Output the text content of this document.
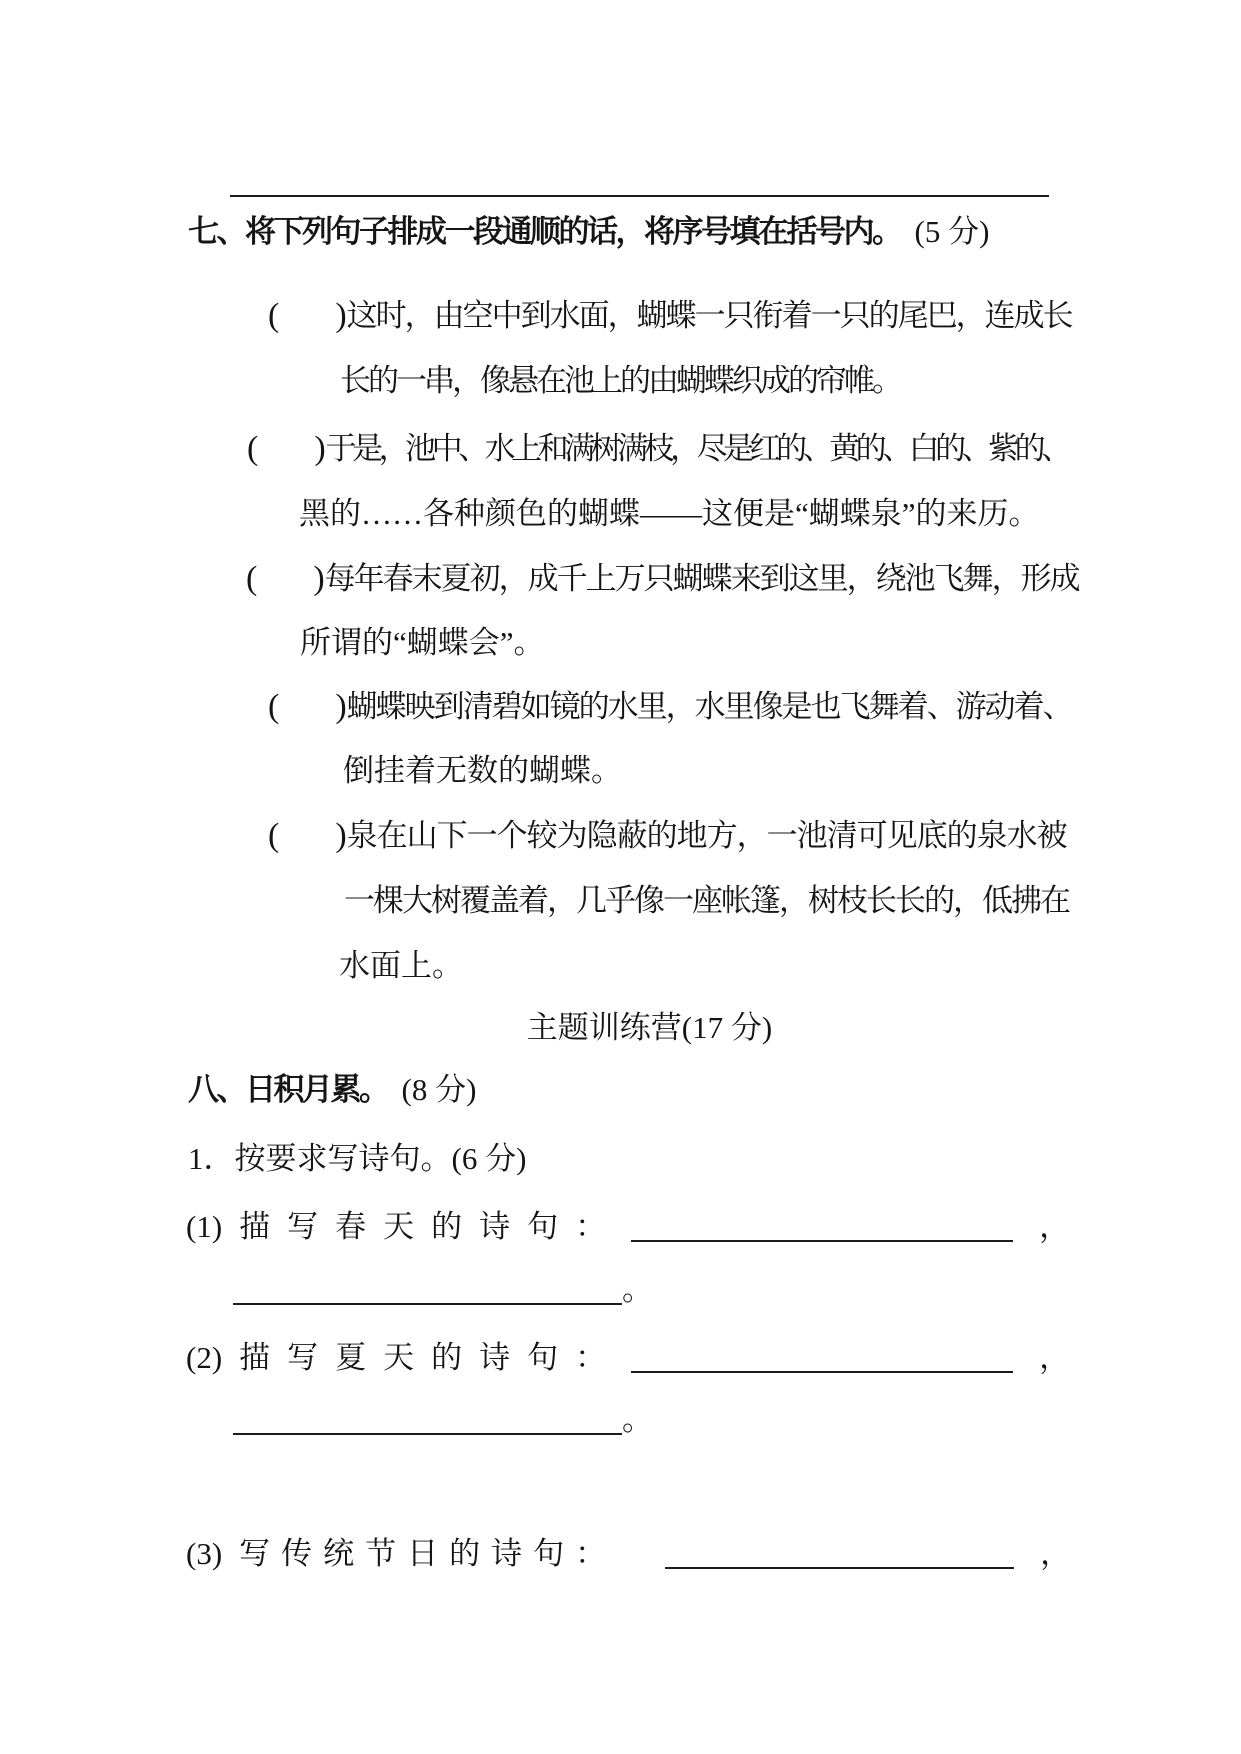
七、将下列句子排成一段通顺的话，将序号填在括号内。 (5 分)
( )这时，由空中到水面，蝴蝶一只衔着一只的尾巴，连成长
长的一串，像悬在池上的由蝴蝶织成的帘帷。
( )于是，池中、水上和满树满枝，尽是红的、黄的、白的、紫的、
黑的……各种颜色的蝴蝶——这便是“蝴蝶泉”的来历。
( )每年春末夏初，成千上万只蝴蝶来到这里，绕池飞舞，形成
所谓的“蝴蝶会”。
( )蝴蝶映到清碧如镜的水里，水里像是也飞舞着、游动着、
倒挂着无数的蝴蝶。
( )泉在山下一个较为隐蔽的地方，一池清可见底的泉水被
一棵大树覆盖着，几乎像一座帐篷，树枝长长的，低拂在
水面上。
主题训练营(17 分)
八、日积月累。 (8 分)
1．按要求写诗句。(6 分)
(1) 描写春天的诗句：	，
。
(2) 描写夏天的诗句：	，
。
(3) 写传统节日的诗句：	，
